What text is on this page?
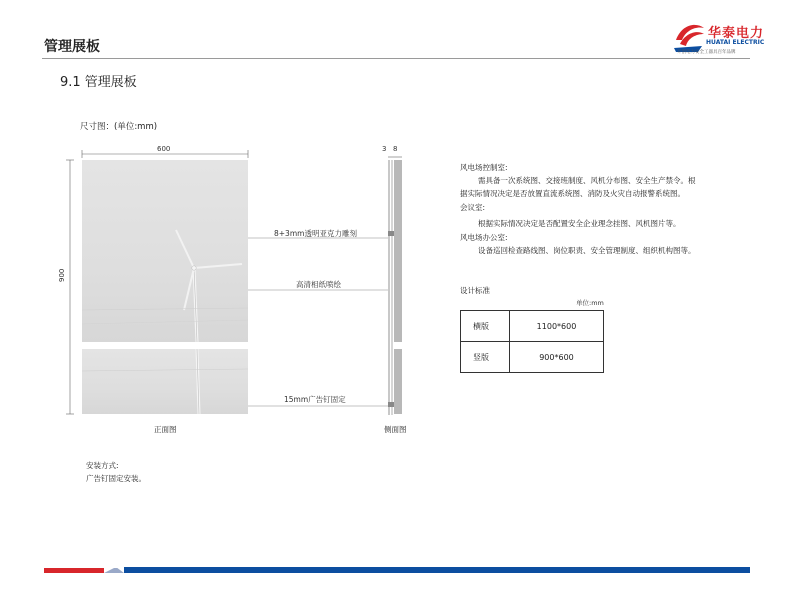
管理展板
华泰电力
HUATAI ELECTRIC
开创电力安全工器具百年品牌
9.1 管理展板
尺寸图：(单位:mm)
600
900
8+3mm透明亚克力雕刻
高清相纸喷绘
15mm广告钉固定
3 8
正面图	侧面图
风电场控制室:
需具备一次系统图、交接班制度、风机分布图、安全生产禁令。根
据实际情况决定是否放置直流系统图、消防及火灾自动报警系统图。
会议室:
根据实际情况决定是否配置安全企业理念挂图、风机图片等。
风电场办公室:
设备巡回检查路线图、岗位职责、安全管理制度、组织机构图等。
设计标准
单位:mm
横版	1100*600
竖版	900*600
安装方式:
广告钉固定安装。
